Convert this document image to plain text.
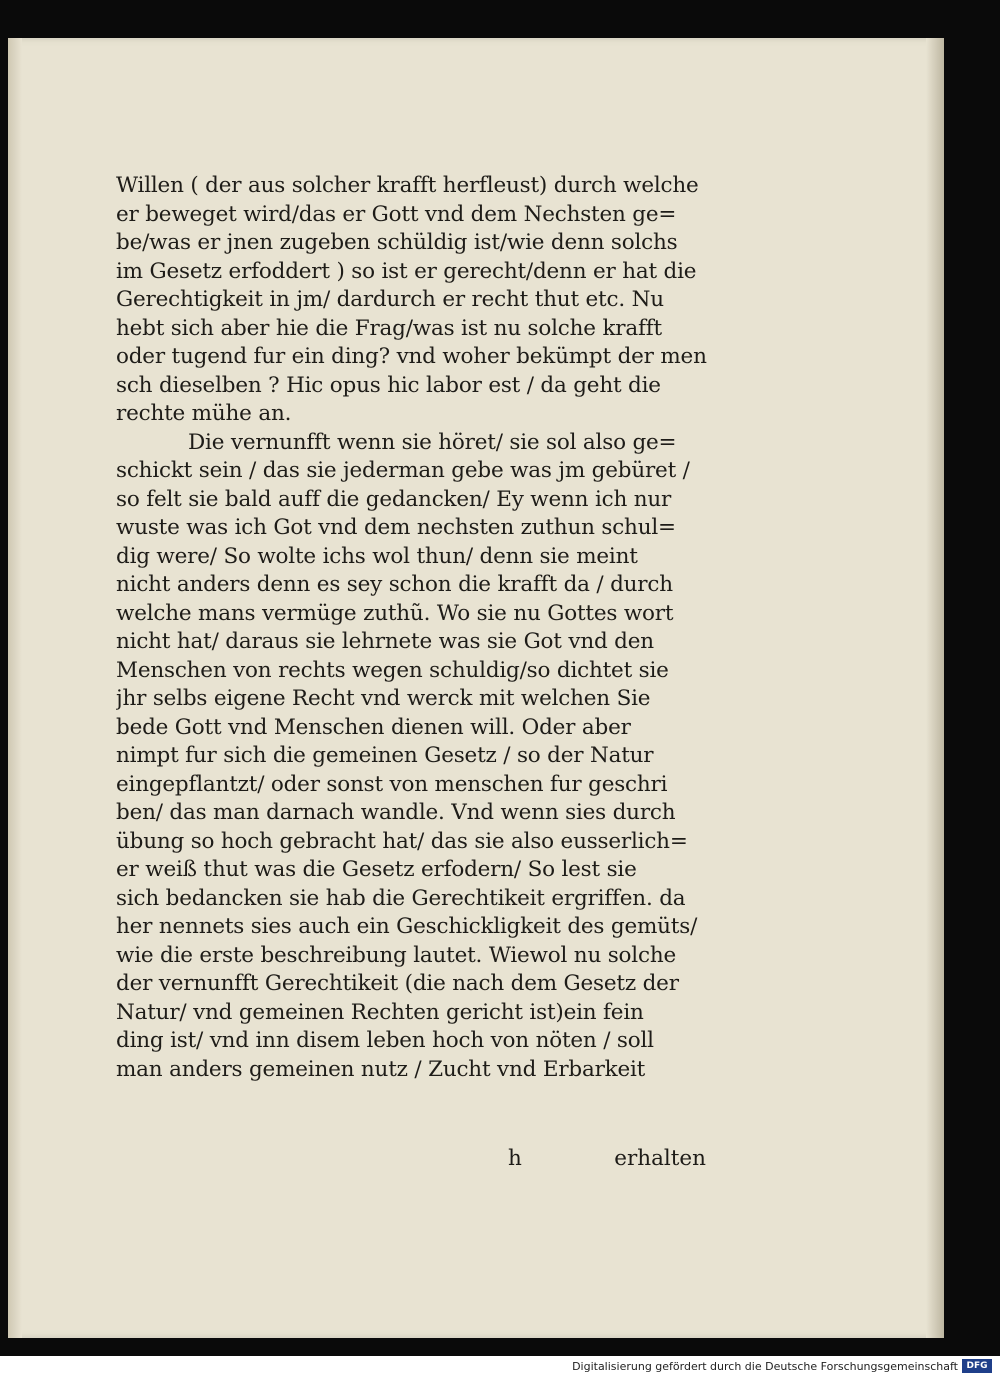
Willen ( der aus solcher krafft herfleust) durch welche
er beweget wird/das er Gott vnd dem Nechsten ge=
be/was er jnen zugeben schüldig ist/wie denn solchs
im Gesetz erfoddert ) so ist er gerecht/denn er hat die
Gerechtigkeit in jm/ dardurch er recht thut etc. Nu
hebt sich aber hie die Frag/was ist nu solche krafft
oder tugend fur ein ding? vnd woher bekümpt der men
sch dieselben ? Hic opus hic labor est / da geht die
rechte mühe an.
Die vernunfft wenn sie höret/ sie sol also ge=
schickt sein / das sie jederman gebe was jm gebüret /
so felt sie bald auff die gedancken/ Ey wenn ich nur
wuste was ich Got vnd dem nechsten zuthun schul=
dig were/ So wolte ichs wol thun/ denn sie meint
nicht anders denn es sey schon die krafft da / durch
welche mans vermüge zuthũ. Wo sie nu Gottes wort
nicht hat/ daraus sie lehrnete was sie Got vnd den
Menschen von rechts wegen schuldig/so dichtet sie
jhr selbs eigene Recht vnd werck mit welchen Sie
bede Gott vnd Menschen dienen will. Oder aber
nimpt fur sich die gemeinen Gesetz / so der Natur
eingepflantzt/ oder sonst von menschen fur geschri
ben/ das man darnach wandle. Vnd wenn sies durch
übung so hoch gebracht hat/ das sie also eusserlich=
er weiß thut was die Gesetz erfodern/ So lest sie
sich bedancken sie hab die Gerechtikeit ergriffen. da
her nennets sies auch ein Geschickligkeit des gemüts/
wie die erste beschreibung lautet. Wiewol nu solche
der vernunfft Gerechtikeit (die nach dem Gesetz der
Natur/ vnd gemeinen Rechten gericht ist)ein fein
ding ist/ vnd inn disem leben hoch von nöten / soll
man anders gemeinen nutz / Zucht vnd Erbarkeit
h	erhalten
Digitalisierung gefördert durch die Deutsche Forschungsgemeinschaft DFG
